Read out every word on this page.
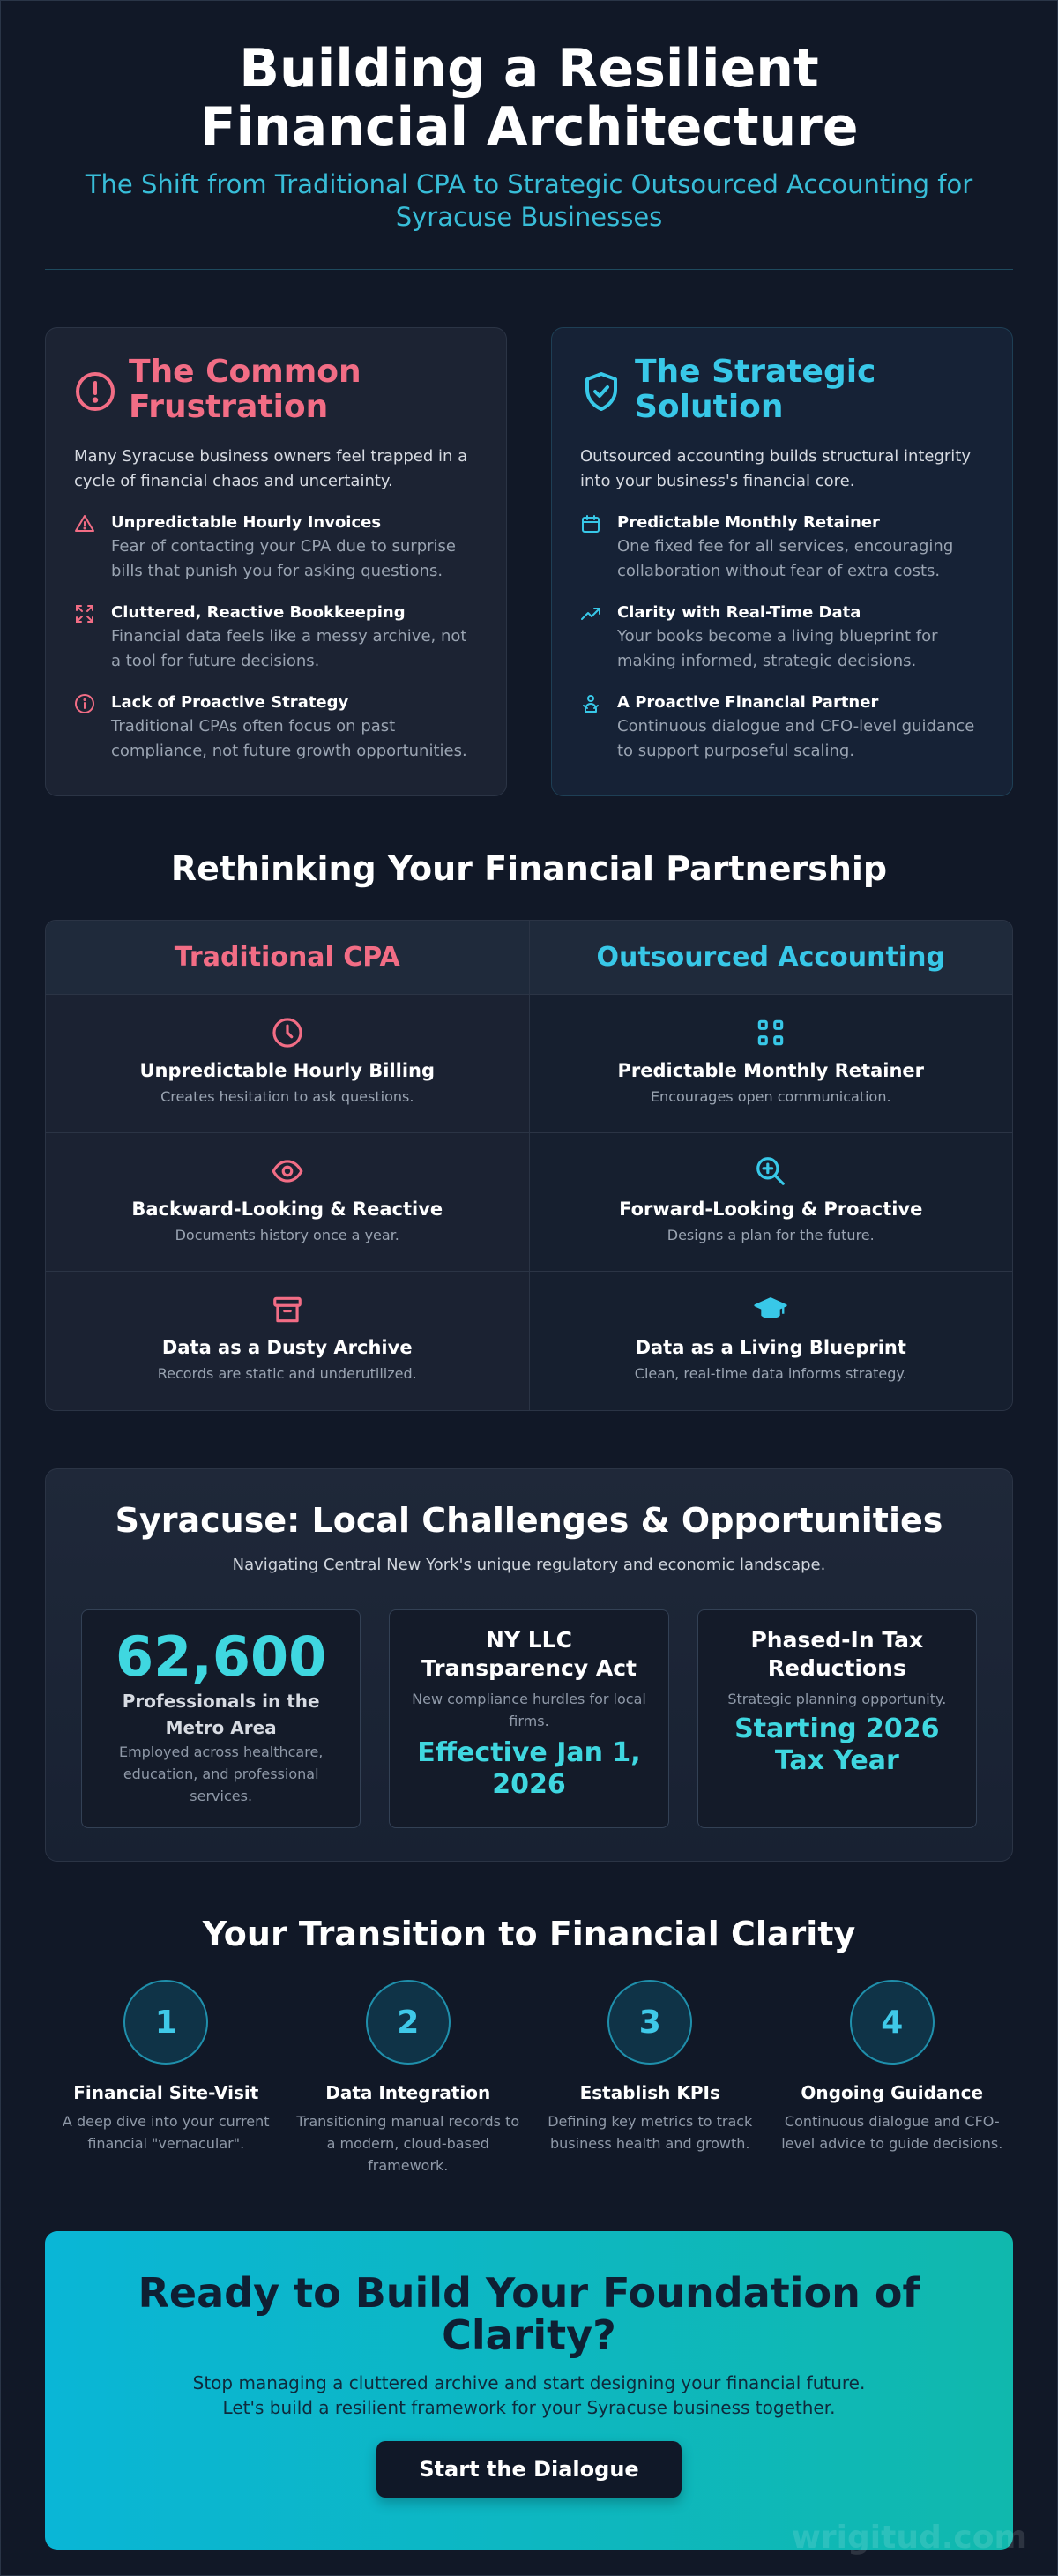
Building a Resilient Financial Architecture
The Shift from Traditional CPA to Strategic Outsourced Accounting for Syracuse Businesses
The Common Frustration

Many Syracuse business owners feel trapped in a cycle of financial chaos and uncertainty.

Unpredictable Hourly Invoices
Fear of contacting your CPA due to surprise bills that punish you for asking questions.
Cluttered, Reactive Bookkeeping
Financial data feels like a messy archive, not a tool for future decisions.
Lack of Proactive Strategy
Traditional CPAs often focus on past compliance, not future growth opportunities.
The Strategic Solution

Outsourced accounting builds structural integrity into your business's financial core.

Predictable Monthly Retainer
One fixed fee for all services, encouraging collaboration without fear of extra costs.
Clarity with Real-Time Data
Your books become a living blueprint for making informed, strategic decisions.
A Proactive Financial Partner
Continuous dialogue and CFO-level guidance to support purposeful scaling.
Rethinking Your Financial Partnership
Traditional CPA	Outsourced Accounting
Unpredictable Hourly Billing
Creates hesitation to ask questions.
Predictable Monthly Retainer
Encourages open communication.
Backward-Looking & Reactive
Documents history once a year.
Forward-Looking & Proactive
Designs a plan for the future.
Data as a Dusty Archive
Records are static and underutilized.
Data as a Living Blueprint
Clean, real-time data informs strategy.
Syracuse: Local Challenges & Opportunities

Navigating Central New York's unique regulatory and economic landscape.

62,600
Professionals in the Metro Area
Employed across healthcare, education, and professional services.
NY LLC Transparency Act
New compliance hurdles for local firms.
Effective Jan 1, 2026
Phased-In Tax Reductions
Strategic planning opportunity.
Starting 2026 Tax Year
Your Transition to Financial Clarity
1
Financial Site-Visit
A deep dive into your current financial "vernacular".
2
Data Integration
Transitioning manual records to a modern, cloud-based framework.
3
Establish KPIs
Defining key metrics to track business health and growth.
4
Ongoing Guidance
Continuous dialogue and CFO-level advice to guide decisions.
Ready to Build Your Foundation of Clarity?

Stop managing a cluttered archive and start designing your financial future.
Let's build a resilient framework for your Syracuse business together.

Start the Dialogue
wrigitud.com
